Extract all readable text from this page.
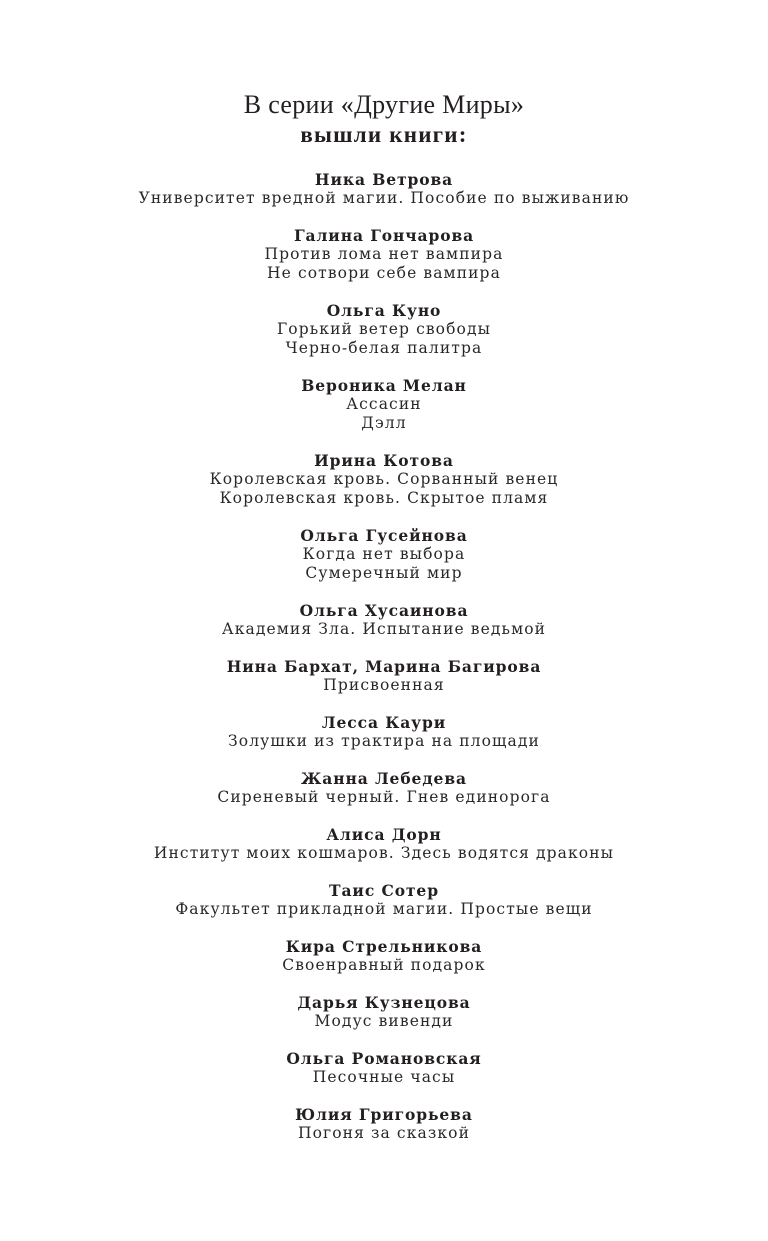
В серии «Другие Миры»
вышли книги:
Ника Ветрова
Университет вредной магии. Пособие по выживанию
Галина Гончарова
Против лома нет вампира
Не сотвори себе вампира
Ольга Куно
Горький ветер свободы
Черно-белая палитра
Вероника Мелан
Ассасин
Дэлл
Ирина Котова
Королевская кровь. Сорванный венец
Королевская кровь. Скрытое пламя
Ольга Гусейнова
Когда нет выбора
Сумеречный мир
Ольга Хусаинова
Академия Зла. Испытание ведьмой
Нина Бархат, Марина Багирова
Присвоенная
Лесса Каури
Золушки из трактира на площади
Жанна Лебедева
Сиреневый черный. Гнев единорога
Алиса Дорн
Институт моих кошмаров. Здесь водятся драконы
Таис Сотер
Факультет прикладной магии. Простые вещи
Кира Стрельникова
Своенравный подарок
Дарья Кузнецова
Модус вивенди
Ольга Романовская
Песочные часы
Юлия Григорьева
Погоня за сказкой
